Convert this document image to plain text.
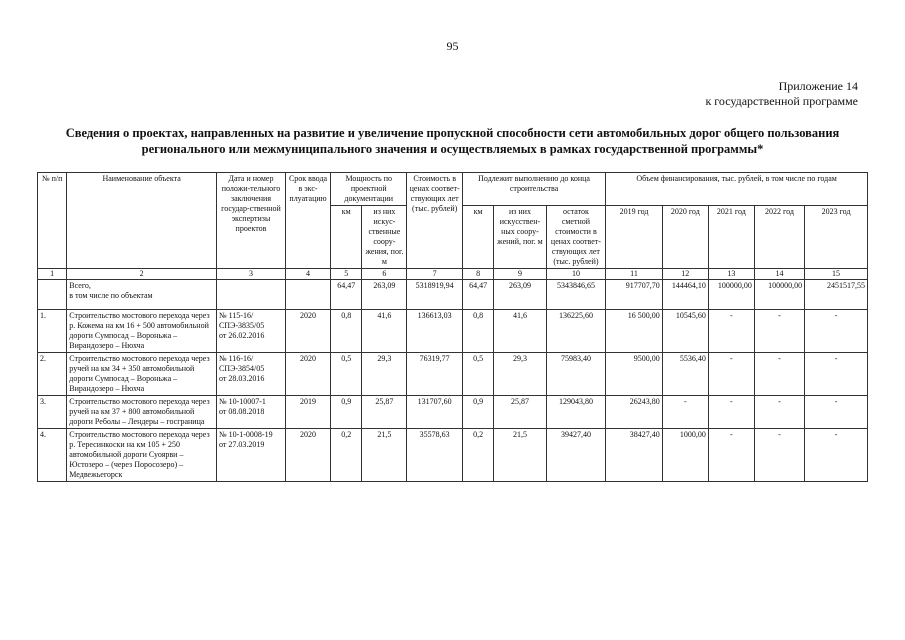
95
Приложение 14
к государственной программе
Сведения о проектах, направленных на развитие и увеличение пропускной способности сети автомобильных дорог общего пользования регионального или межмуниципального значения и осуществляемых в рамках государственной программы*
№ п/п	Наименование объекта	Дата и номер положи-тельного заключения государ-ственной экспертизы проектов	Срок ввода в экс-плуатацию	Мощность по проектной документации		Стоимость в ценах соответ-ствующих лет (тыс. рублей)	Подлежит выполнению до конца строительства			Объем финансирования, тыс. рублей, в том числе по годам				
				км	из них искус-ственные соору-жения, пог. м		км	из них искусствен-ных соору-жений, пог. м	остаток сметной стоимости в ценах соответ-ствующих лет (тыс. рублей)	2019 год	2020 год	2021 год	2022 год	2023 год
1	2	3	4	5	6	7	8	9	10	11	12	13	14	15
	Всего,
в том числе по объектам			64,47	263,09	5318919,94	64,47	263,09	5343846,65	917707,70	144464,10	100000,00	100000,00	2451517,55
1.	Строительство мостового перехода через р. Кожема на км 16 + 500 автомобильной дороги Сумпосад – Вороньжа – Вирандозеро – Нюхча	№ 115-16/СПЭ-3835/05
от 26.02.2016	2020	0,8	41,6	136613,03	0,8	41,6	136225,60	16 500,00	10545,60	-	-	-
2.	Строительство мостового перехода через ручей на км 34 + 350 автомобильной дороги Сумпосад – Вороньжа – Вирандозеро – Нюхча	№ 116-16/СПЭ-3854/05
от 28.03.2016	2020	0,5	29,3	76319,77	0,5	29,3	75983,40	9500,00	5536,40	-	-	-
3.	Строительство мостового перехода через ручей на км 37 + 800 автомобильной дороги Реболы – Лендеры – госграница	№ 10-10007-1
от 08.08.2018	2019	0,9	25,87	131707,60	0,9	25,87	129043,80	26243,80	-	-	-	-
4.	Строительство мостового перехода через р. Тересинкоски на км 105 + 250 автомобильной дороги Суоярви – Юстозеро – (через Поросозеро) – Медвежьегорск	№ 10-1-0008-19
от 27.03.2019	2020	0,2	21,5	35578,63	0,2	21,5	39427,40	38427,40	1000,00	-	-	-
